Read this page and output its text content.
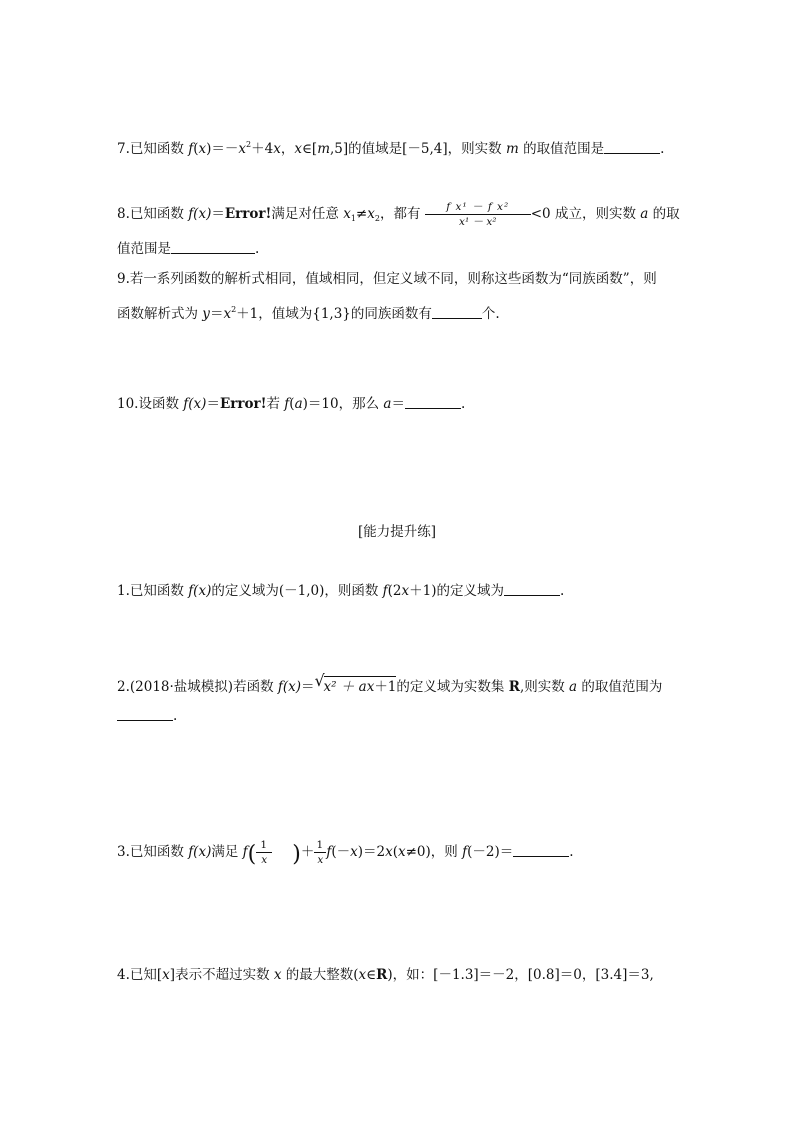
7.已知函数 $f(x)=-x^2+4x$，x∈[m,5]的值域是[－5,4]，则实数 m 的取值范围是	.
8.已知函数 f(x)＝Error!满足对任意 $x_1\ne x_2$，都有 $\frac{\text{f x¹ － f x²}}{\text{x¹ － x²}} <0$ 成立，则实数 a 的取
值范围是	.
9.若一系列函数的解析式相同，值域相同，但定义域不同，则称这些函数为“同族函数”，则
函数解析式为 $y=x^2+1$，值域为{1,3}的同族函数有	个.
10.设函数 f(x)＝Error!若 f(a)＝10，那么 a＝	.
[能力提升练]
1.已知函数 f(x)的定义域为(－1,0)，则函数 f(2x＋1)的定义域为	.
2.(2018·盐城模拟)若函数 f(x)＝ √
x² ＋ ax＋1的定义域为实数集 R,则实数 a 的取值范围为
.
3.已知函数 f(x)满足 $f( \frac{1}{x}$ )＋ $\frac{1}{x} f(-x)=2x(x\ne 0)$，则 f(－2)＝	.
4.已知[x]表示不超过实数 x 的最大整数(x∈R)，如：[－1.3]＝－2，[0.8]＝0，[3.4]＝3,
